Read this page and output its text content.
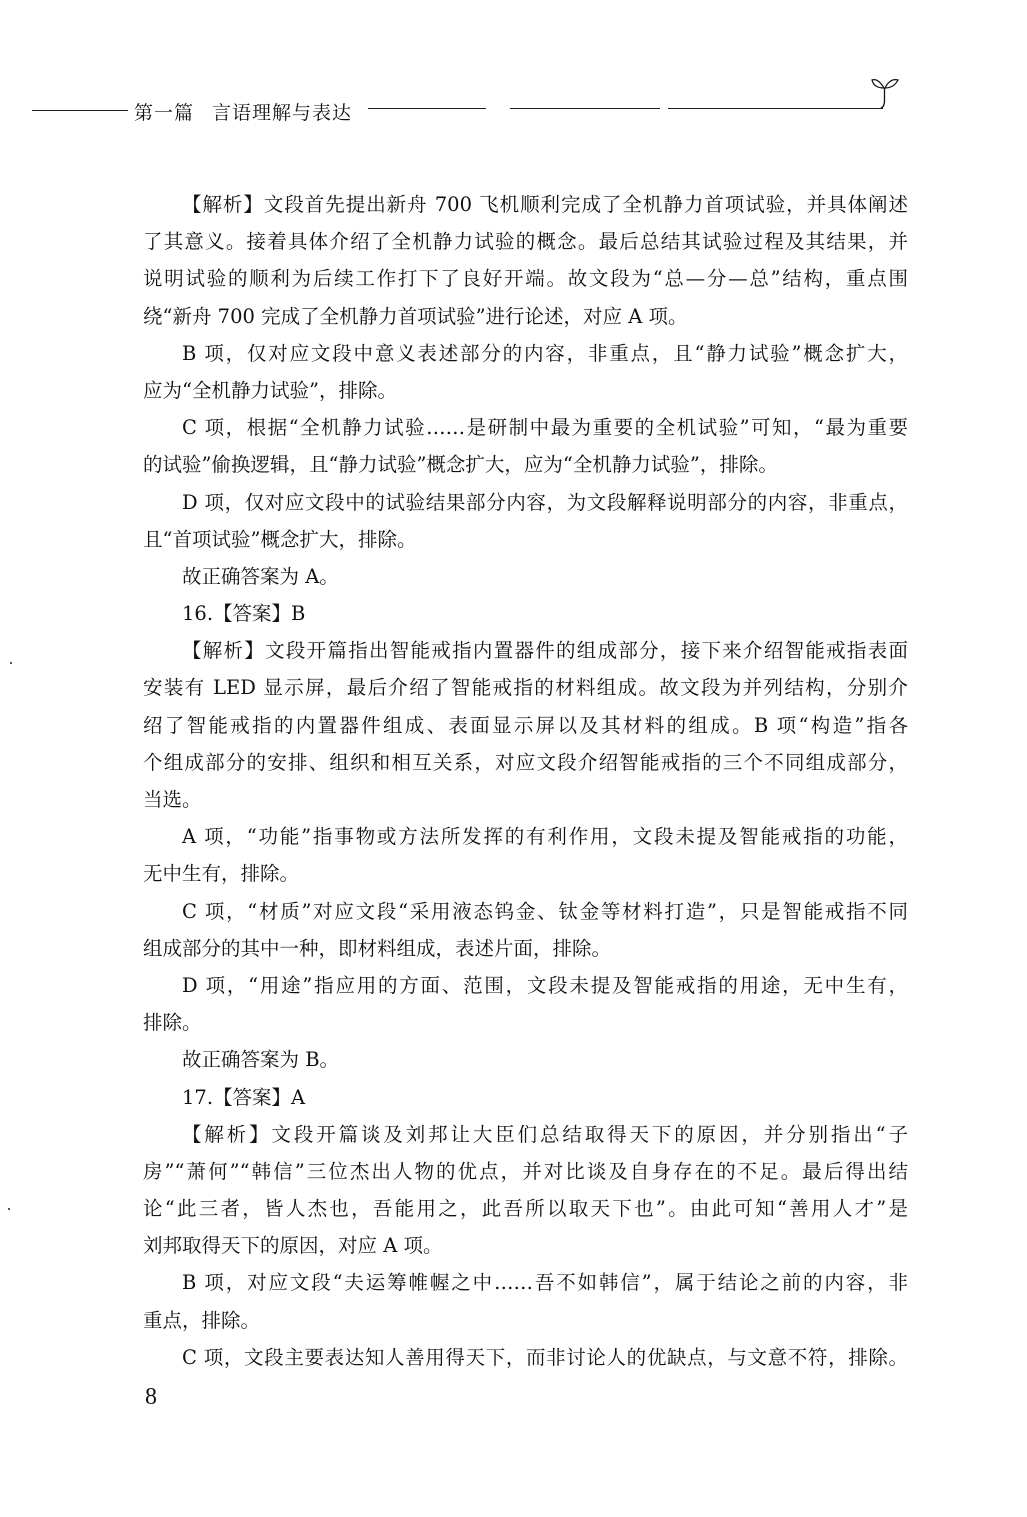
第一篇 言语理解与表达
【解析】文段首先提出新舟 700 飞机顺利完成了全机静力首项试验，并具体阐述
了其意义。接着具体介绍了全机静力试验的概念。最后总结其试验过程及其结果，并
说明试验的顺利为后续工作打下了良好开端。故文段为“总—分—总”结构，重点围
绕“新舟 700 完成了全机静力首项试验”进行论述，对应 A 项。
B 项，仅对应文段中意义表述部分的内容，非重点，且“静力试验”概念扩大，
应为“全机静力试验”，排除。
C 项，根据“全机静力试验……是研制中最为重要的全机试验”可知，“最为重要
的试验”偷换逻辑，且“静力试验”概念扩大，应为“全机静力试验”，排除。
D 项，仅对应文段中的试验结果部分内容，为文段解释说明部分的内容，非重点，
且“首项试验”概念扩大，排除。
故正确答案为 A。
16.【答案】B
【解析】文段开篇指出智能戒指内置器件的组成部分，接下来介绍智能戒指表面
安装有 LED 显示屏，最后介绍了智能戒指的材料组成。故文段为并列结构，分别介
绍了智能戒指的内置器件组成、表面显示屏以及其材料的组成。B 项“构造”指各
个组成部分的安排、组织和相互关系，对应文段介绍智能戒指的三个不同组成部分，
当选。
A 项，“功能”指事物或方法所发挥的有利作用，文段未提及智能戒指的功能，
无中生有，排除。
C 项，“材质”对应文段“采用液态钨金、钛金等材料打造”，只是智能戒指不同
组成部分的其中一种，即材料组成，表述片面，排除。
D 项，“用途”指应用的方面、范围，文段未提及智能戒指的用途，无中生有，
排除。
故正确答案为 B。
17.【答案】A
【解析】文段开篇谈及刘邦让大臣们总结取得天下的原因，并分别指出“子
房”“萧何”“韩信”三位杰出人物的优点，并对比谈及自身存在的不足。最后得出结
论“此三者，皆人杰也，吾能用之，此吾所以取天下也”。由此可知“善用人才”是
刘邦取得天下的原因，对应 A 项。
B 项，对应文段“夫运筹帷幄之中……吾不如韩信”，属于结论之前的内容，非
重点，排除。
C 项，文段主要表达知人善用得天下，而非讨论人的优缺点，与文意不符，排除。
8
